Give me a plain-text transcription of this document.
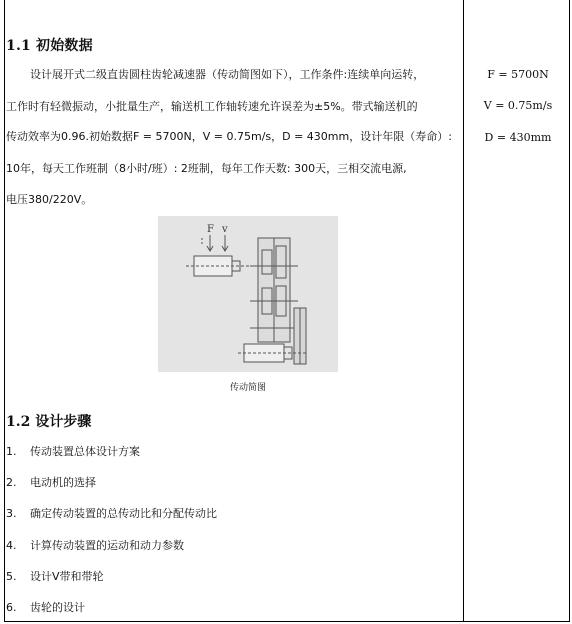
1.1 初始数据
设计展开式二级直齿圆柱齿轮减速器（传动简图如下），工作条件:连续单向运转，
工作时有轻微振动，小批量生产，输送机工作轴转速允许误差为±5%。带式输送机的
传动效率为0.96.初始数据F = 5700N，V = 0.75m/s，D = 430mm，设计年限（寿命）:
10年，每天工作班制（8小时/班）: 2班制，每年工作天数: 300天，三相交流电源,
电压380/220V。
F = 5700N
V = 0.75m/s
D = 430mm
F v
传动简图
1.2 设计步骤
1. 传动装置总体设计方案
2. 电动机的选择
3. 确定传动装置的总传动比和分配传动比
4. 计算传动装置的运动和动力参数
5. 设计V带和带轮
6. 齿轮的设计
